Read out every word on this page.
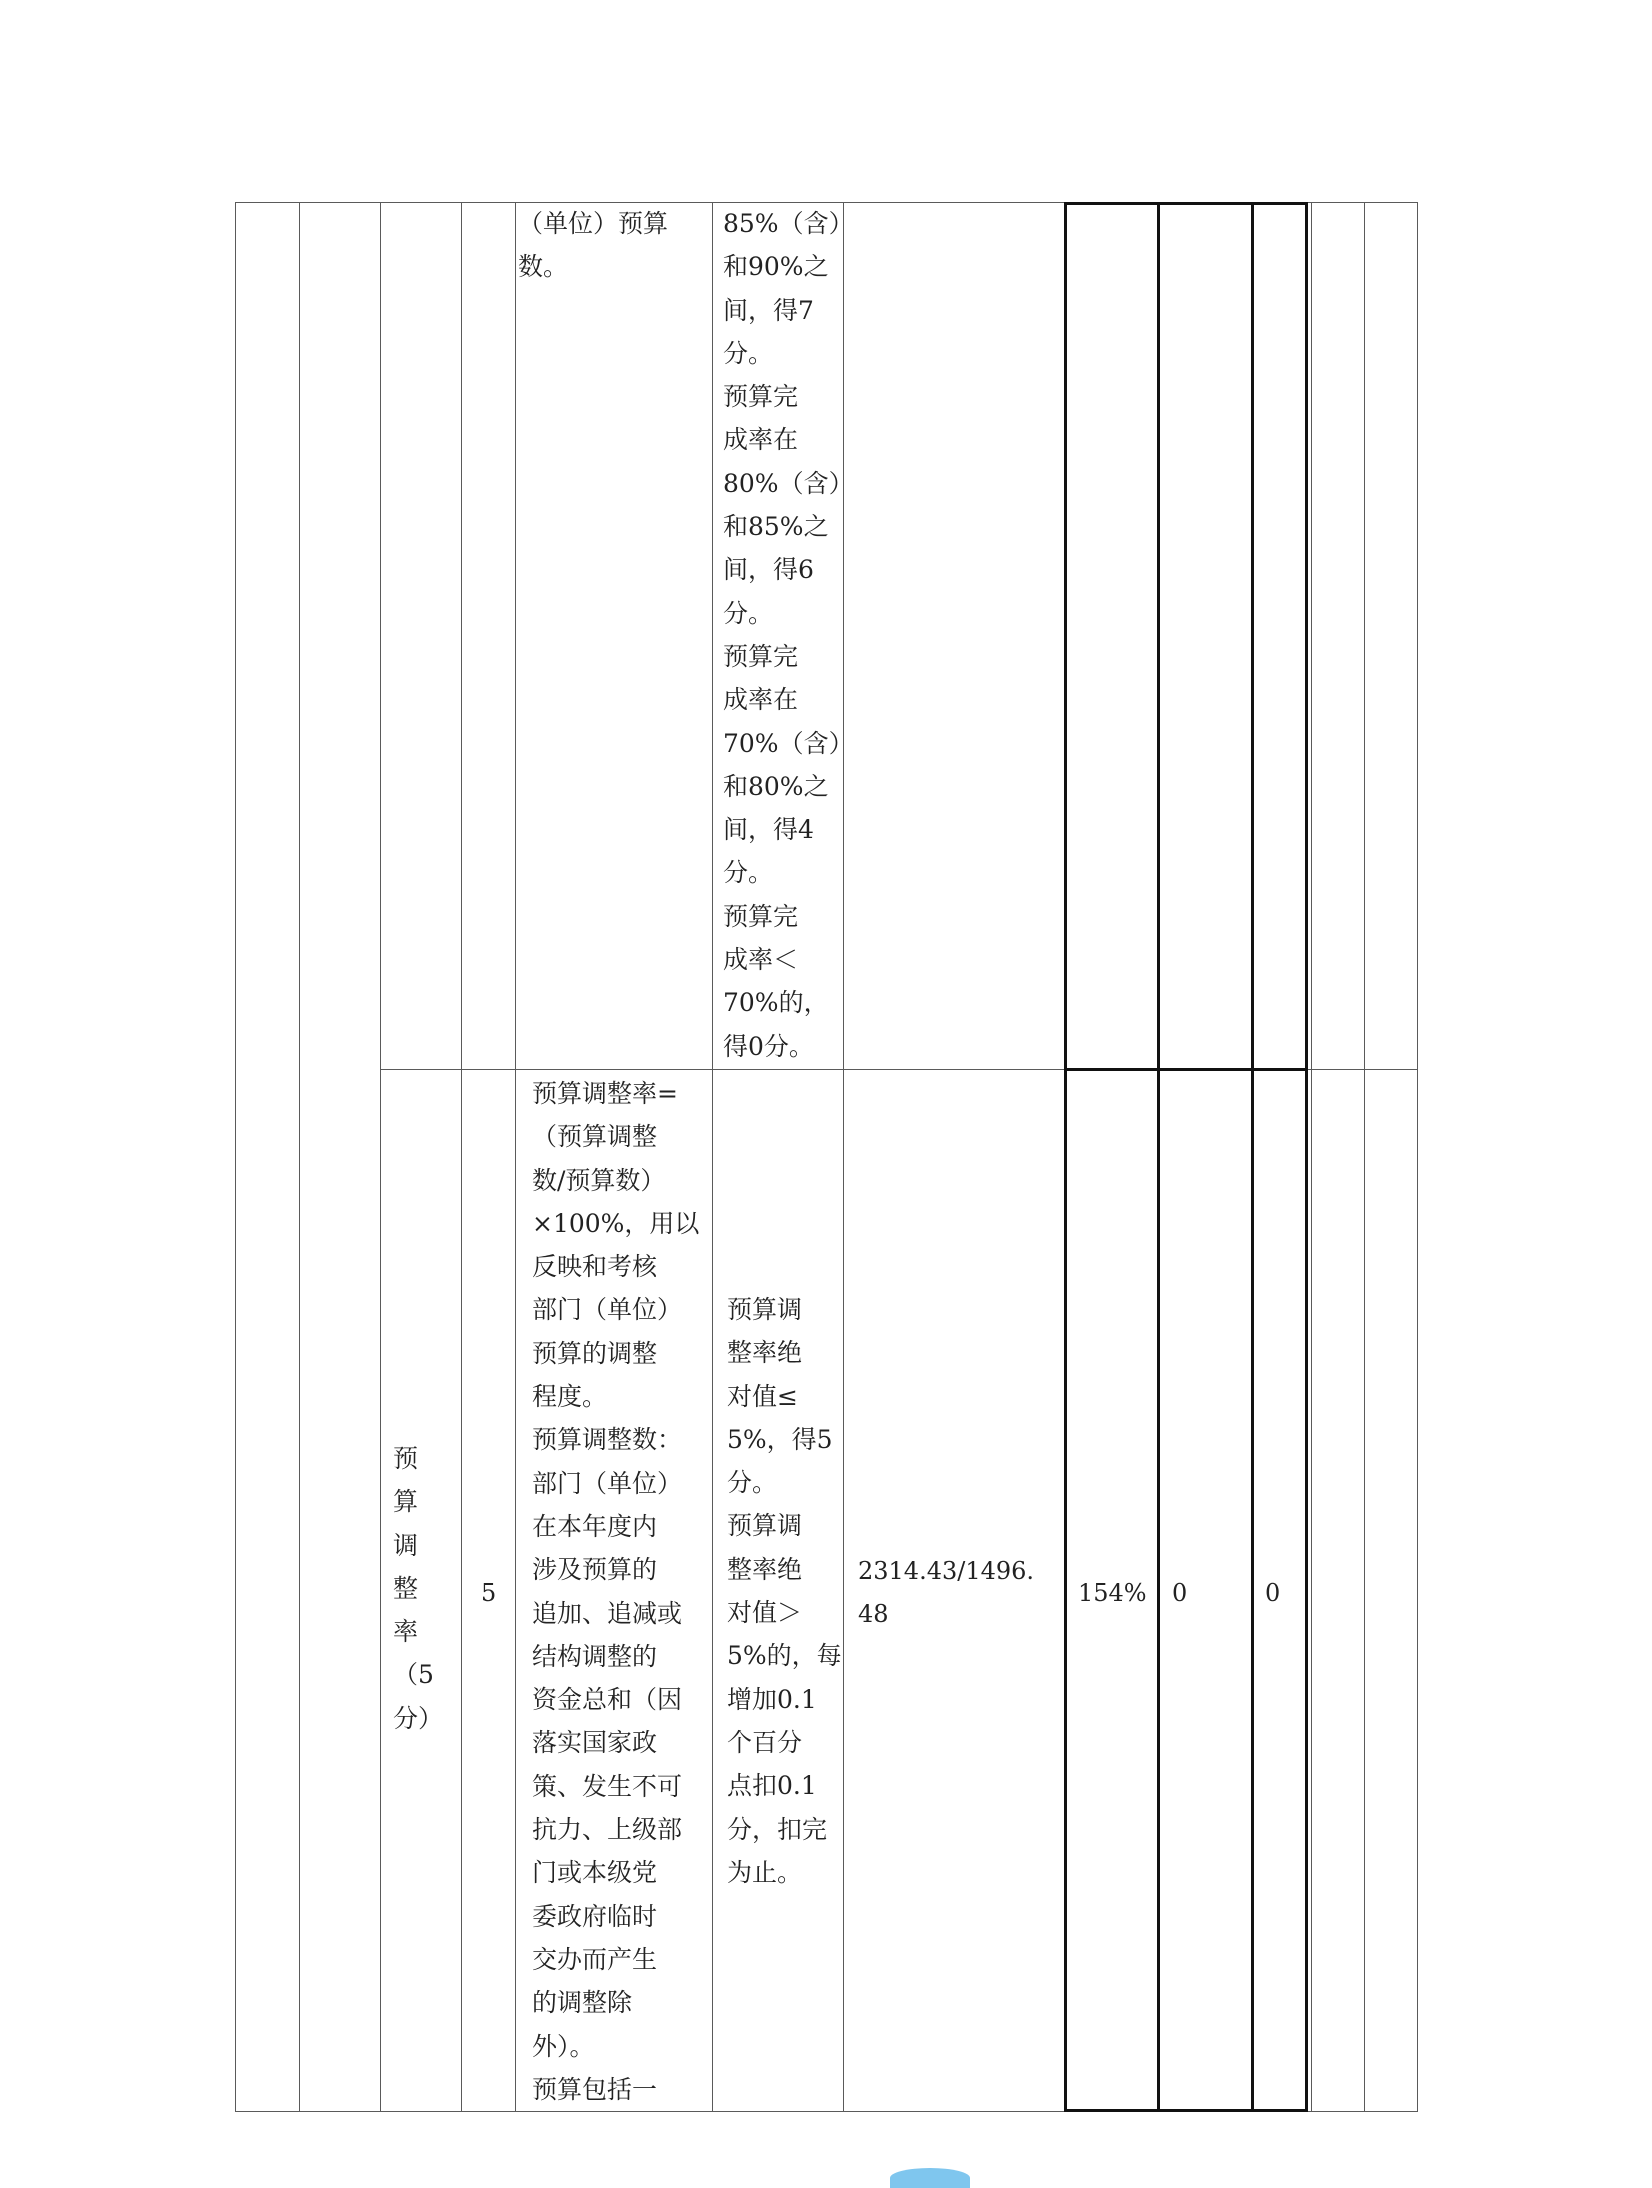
（单位）预算
数。
85%（含）
和90%之
间，得7
分。
预算完
成率在
80%（含）
和85%之
间，得6
分。
预算完
成率在
70%（含）
和80%之
间，得4
分。
预算完
成率＜
70%的，
得0分。
预
算
调
整
率
（5
分）
5
预算调整率=
（预算调整
数/预算数）
×100%，用以
反映和考核
部门（单位）
预算的调整
程度。
预算调整数：
部门（单位）
在本年度内
涉及预算的
追加、追减或
结构调整的
资金总和（因
落实国家政
策、发生不可
抗力、上级部
门或本级党
委政府临时
交办而产生
的调整除
外）。
预算包括一
预算调
整率绝
对值≤
5%，得5
分。
预算调
整率绝
对值＞
5%的，每
增加0.1
个百分
点扣0.1
分，扣完
为止。
2314.43/1496.
48
154% 0	0
